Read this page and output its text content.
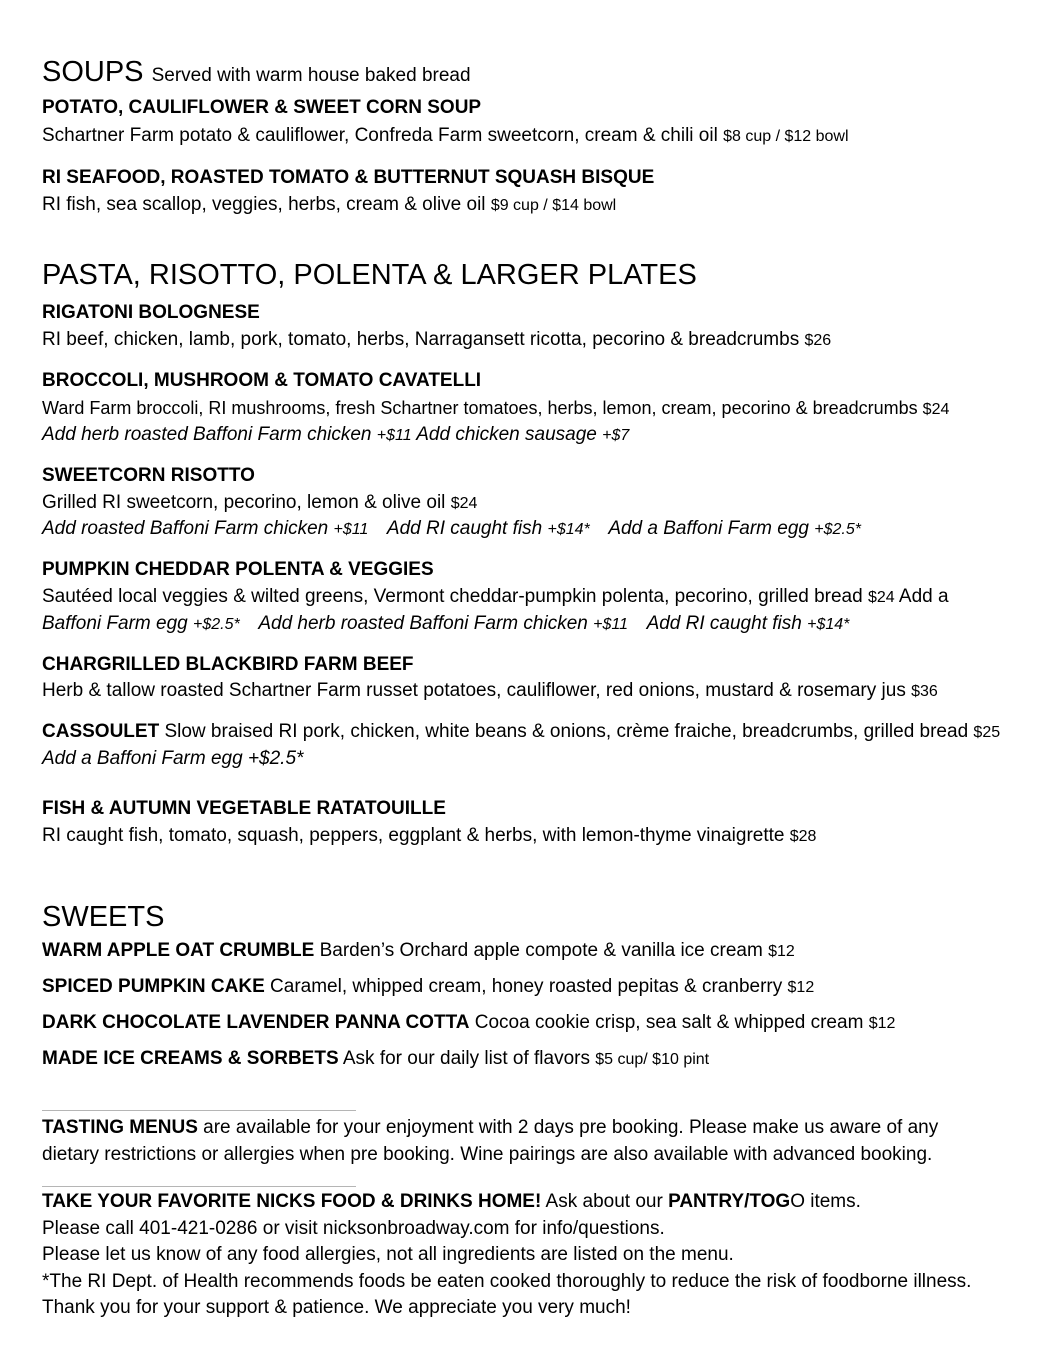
SOUPS Served with warm house baked bread
POTATO, CAULIFLOWER & SWEET CORN SOUP
Schartner Farm potato & cauliflower, Confreda Farm sweetcorn, cream & chili oil $8 cup / $12 bowl
RI SEAFOOD, ROASTED TOMATO & BUTTERNUT SQUASH BISQUE
RI fish, sea scallop, veggies, herbs, cream & olive oil $9 cup / $14 bowl
PASTA, RISOTTO, POLENTA & LARGER PLATES
RIGATONI BOLOGNESE
RI beef, chicken, lamb, pork, tomato, herbs, Narragansett ricotta, pecorino & breadcrumbs $26
BROCCOLI, MUSHROOM & TOMATO CAVATELLI
Ward Farm broccoli, RI mushrooms, fresh Schartner tomatoes, herbs, lemon, cream, pecorino & breadcrumbs $24
Add herb roasted Baffoni Farm chicken +$11 Add chicken sausage +$7
SWEETCORN RISOTTO
Grilled RI sweetcorn, pecorino, lemon & olive oil $24
Add roasted Baffoni Farm chicken +$11 Add RI caught fish +$14* Add a Baffoni Farm egg +$2.5*
PUMPKIN CHEDDAR POLENTA & VEGGIES
Sautéed local veggies & wilted greens, Vermont cheddar-pumpkin polenta, pecorino, grilled bread $24 Add a
Baffoni Farm egg +$2.5* Add herb roasted Baffoni Farm chicken +$11 Add RI caught fish +$14*
CHARGRILLED BLACKBIRD FARM BEEF
Herb & tallow roasted Schartner Farm russet potatoes, cauliflower, red onions, mustard & rosemary jus $36
CASSOULET Slow braised RI pork, chicken, white beans & onions, crème fraiche, breadcrumbs, grilled bread $25
Add a Baffoni Farm egg +$2.5*
FISH & AUTUMN VEGETABLE RATATOUILLE
RI caught fish, tomato, squash, peppers, eggplant & herbs, with lemon-thyme vinaigrette $28
SWEETS
WARM APPLE OAT CRUMBLE Barden’s Orchard apple compote & vanilla ice cream $12
SPICED PUMPKIN CAKE Caramel, whipped cream, honey roasted pepitas & cranberry $12
DARK CHOCOLATE LAVENDER PANNA COTTA Cocoa cookie crisp, sea salt & whipped cream $12
MADE ICE CREAMS & SORBETS Ask for our daily list of flavors $5 cup/ $10 pint
TASTING MENUS are available for your enjoyment with 2 days pre booking. Please make us aware of any
dietary restrictions or allergies when pre booking. Wine pairings are also available with advanced booking.
TAKE YOUR FAVORITE NICKS FOOD & DRINKS HOME! Ask about our PANTRY/TOGO items.
Please call 401-421-0286 or visit nicksonbroadway.com for info/questions.
Please let us know of any food allergies, not all ingredients are listed on the menu.
*The RI Dept. of Health recommends foods be eaten cooked thoroughly to reduce the risk of foodborne illness.
Thank you for your support & patience. We appreciate you very much!
